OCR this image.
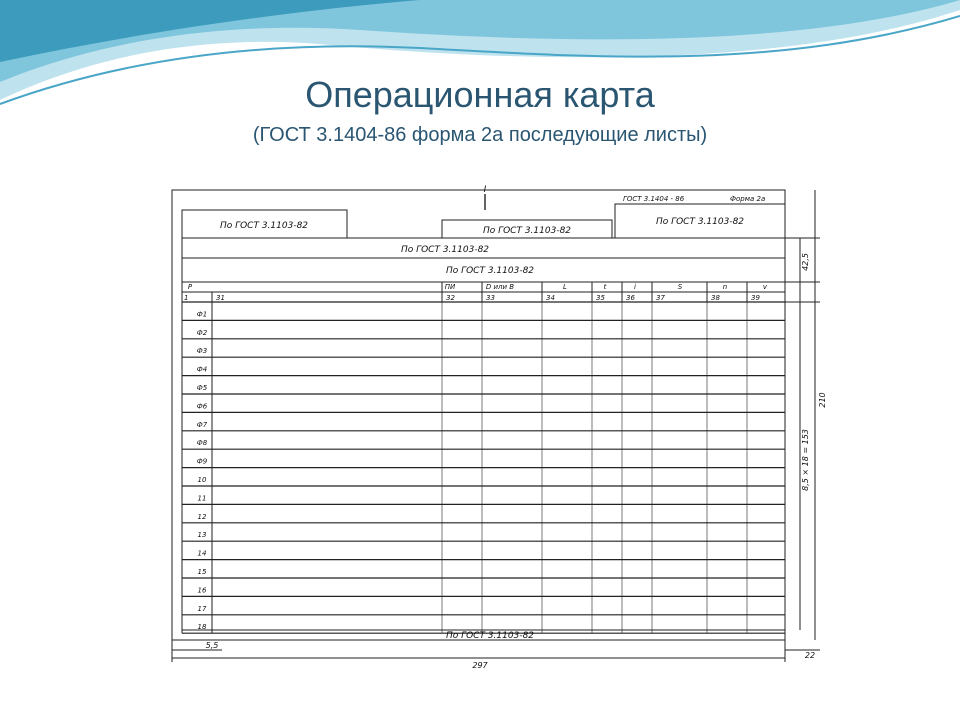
Операционная карта
(ГОСТ 3.1404-86 форма 2а последующие листы)
ГОСТ 3.1404 - 86	Форма 2а
I
По ГОСТ 3.1103-82	По ГОСТ 3.1103-82
По ГОСТ 3.1103-82
По ГОСТ 3.1103-82
По ГОСТ 3.1103-82
Р	ПИ	D или В	L	t	i	S	n	v
1	31	32	33	34	35	36	37	38	39
Ф1
Ф2
Ф3
Ф4
Ф5
Ф6
Ф7
Ф8
Ф9
10
11
12
13
14
15
16
17
18
По ГОСТ 3.1103-82
5,5
297
22
42,5
210
8,5 × 18 = 153
